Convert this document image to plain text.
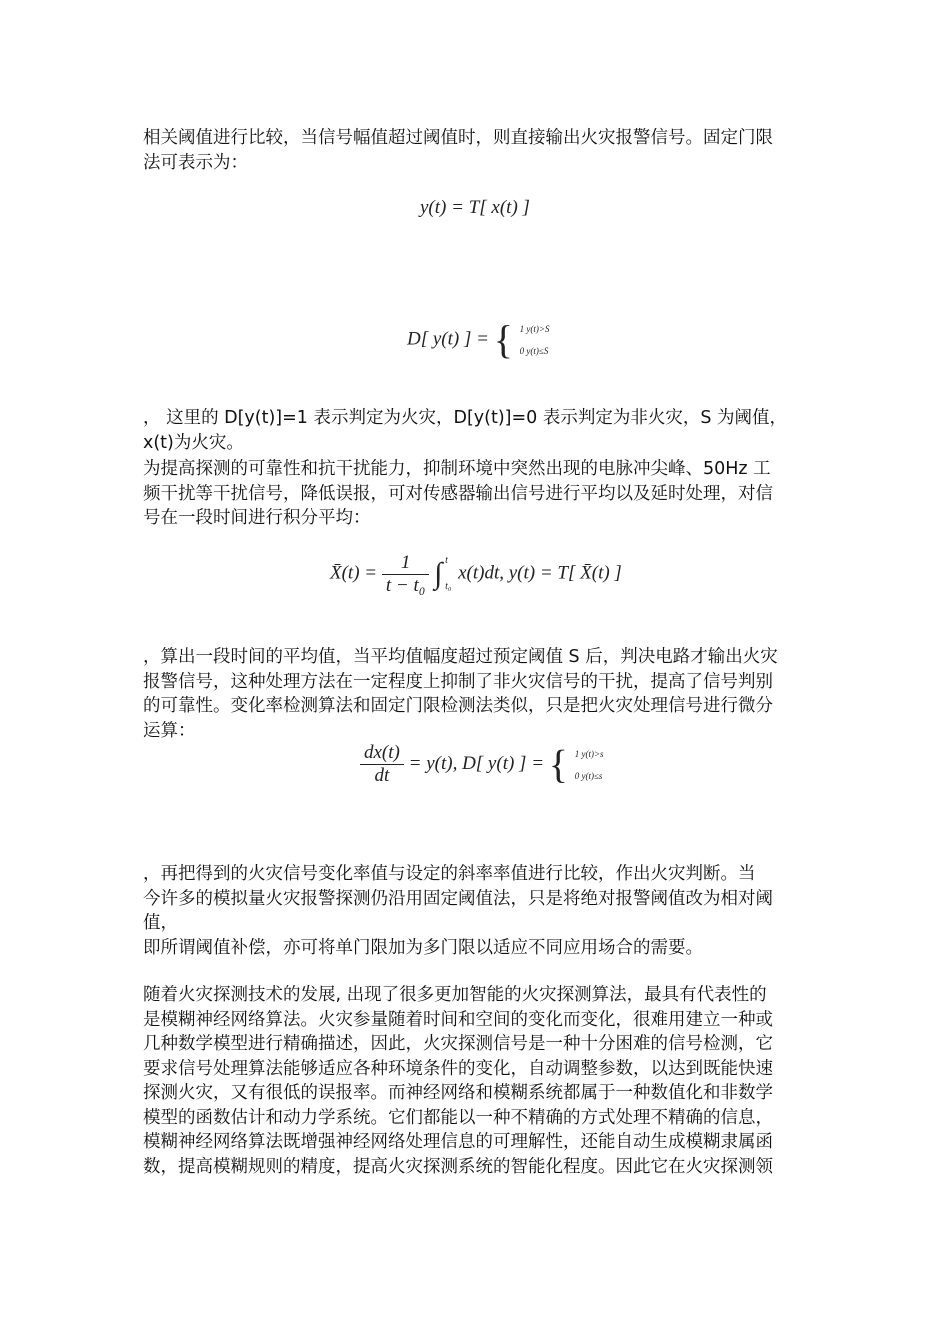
相关阈值进行比较，当信号幅值超过阈值时，则直接输出火灾报警信号。固定门限
法可表示为：
y(t) = T[ x(t) ]
D[ y(t) ] = { 1 y(t)>S
0 y(t)≤S
， 这里的 D[y(t)]=1 表示判定为火灾，D[y(t)]=0 表示判定为非火灾，S 为阈值，
x(t)为火灾。
为提高探测的可靠性和抗干扰能力，抑制环境中突然出现的电脉冲尖峰、50Hz 工
频干扰等干扰信号，降低误报，可对传感器输出信号进行平均以及延时处理，对信
号在一段时间进行积分平均：
X̄(t) = $\frac{1}{\text{t − t₀}}$ ∫ t
t₀
x(t)dt, y(t) = T[ X̄(t) ]
，算出一段时间的平均值，当平均值幅度超过预定阈值 S 后，判决电路才输出火灾
报警信号，这种处理方法在一定程度上抑制了非火灾信号的干扰，提高了信号判别
的可靠性。变化率检测算法和固定门限检测法类似，只是把火灾处理信号进行微分
运算：
$\frac{dx(t)}{dt} = y(t)$, D[ y(t) ] = { 1 y(t)>s
0 y(t)≤s
，再把得到的火灾信号变化率值与设定的斜率率值进行比较，作出火灾判断。当
今许多的模拟量火灾报警探测仍沿用固定阈值法，只是将绝对报警阈值改为相对阈
值，
即所谓阈值补偿，亦可将单门限加为多门限以适应不同应用场合的需要。
随着火灾探测技术的发展, 出现了很多更加智能的火灾探测算法，最具有代表性的
是模糊神经网络算法。火灾参量随着时间和空间的变化而变化，很难用建立一种或
几种数学模型进行精确描述，因此，火灾探测信号是一种十分困难的信号检测，它
要求信号处理算法能够适应各种环境条件的变化，自动调整参数，以达到既能快速
探测火灾，又有很低的误报率。而神经网络和模糊系统都属于一种数值化和非数学
模型的函数估计和动力学系统。它们都能以一种不精确的方式处理不精确的信息，
模糊神经网络算法既增强神经网络处理信息的可理解性，还能自动生成模糊隶属函
数，提高模糊规则的精度，提高火灾探测系统的智能化程度。因此它在火灾探测领
